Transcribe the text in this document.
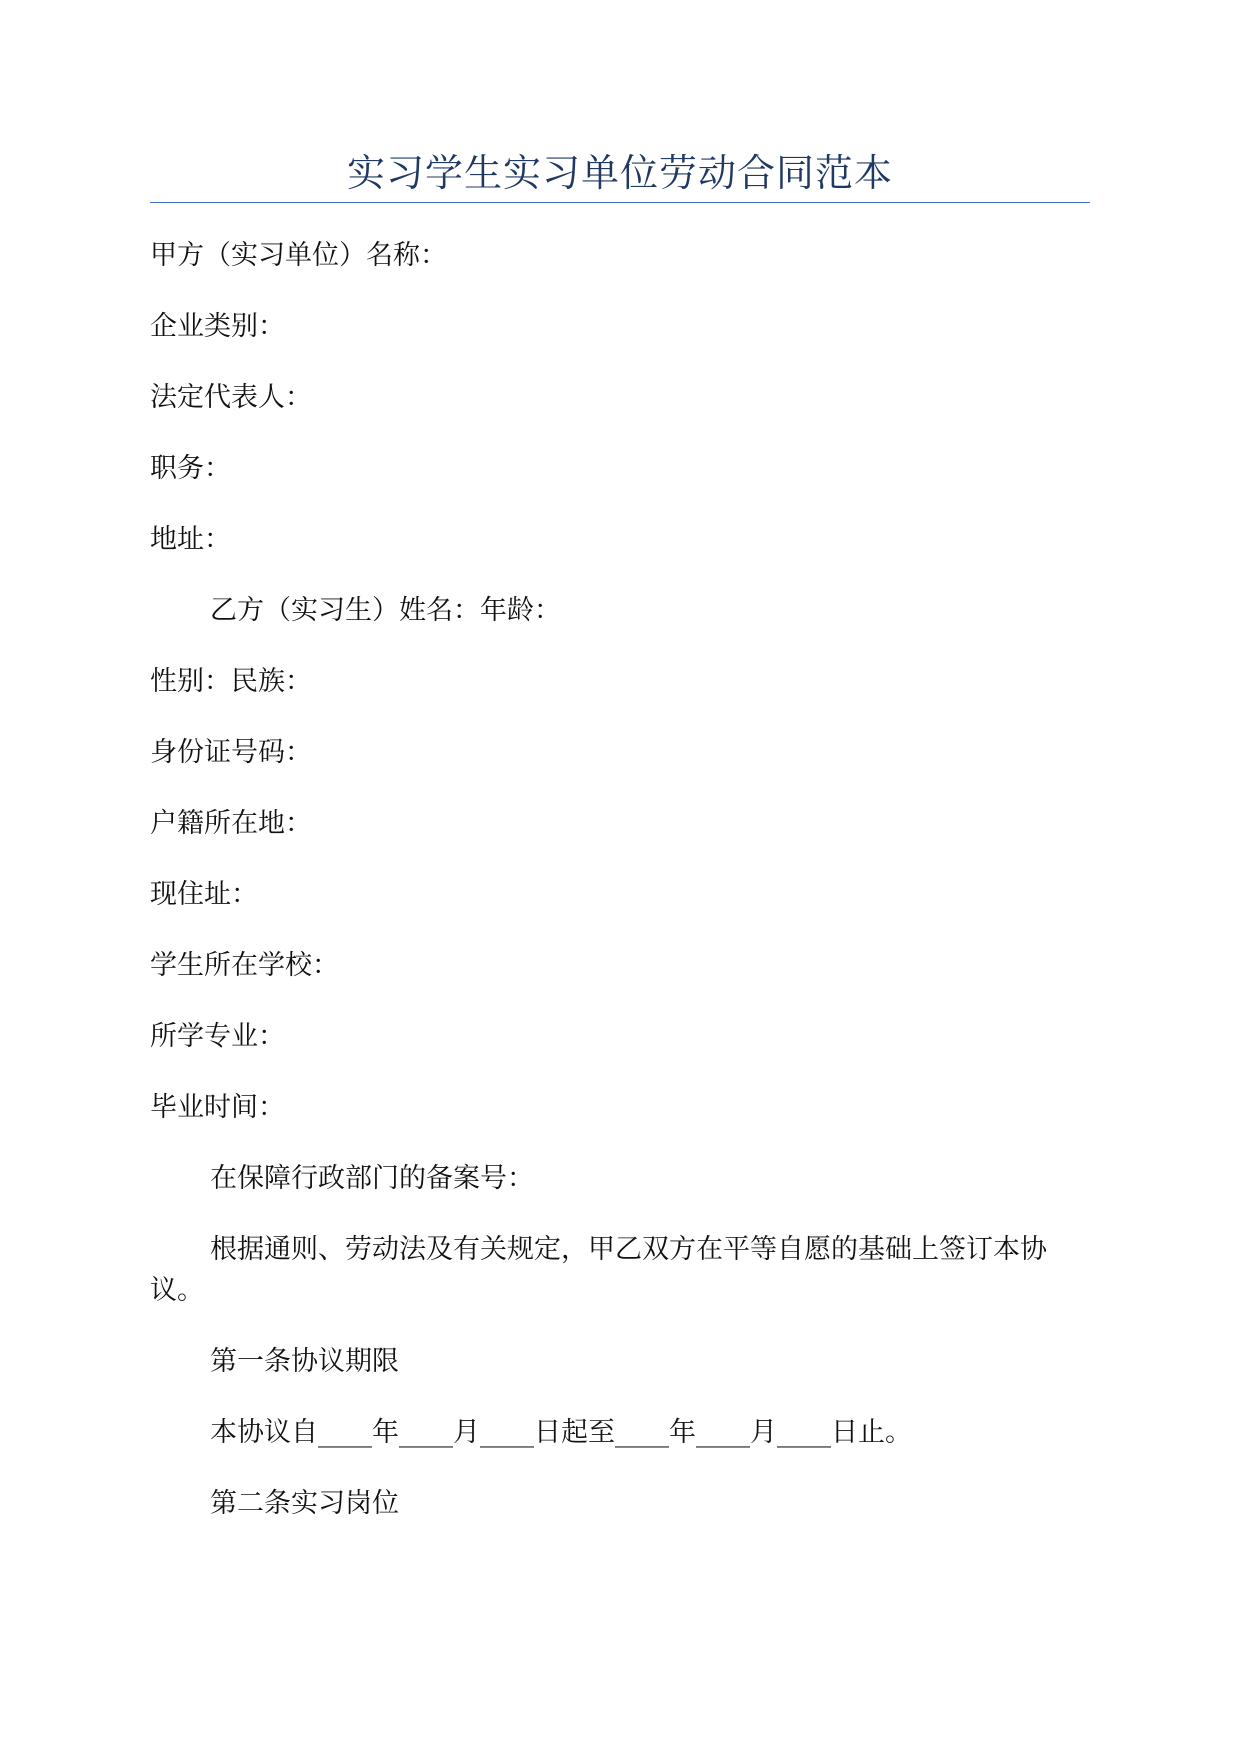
实习学生实习单位劳动合同范本

甲方（实习单位）名称：

企业类别：

法定代表人：

职务：

地址：

乙方（实习生）姓名：年龄：

性别：民族：

身份证号码：

户籍所在地：

现住址：

学生所在学校：

所学专业：

毕业时间：

在保障行政部门的备案号：

根据通则、劳动法及有关规定，甲乙双方在平等自愿的基础上签订本协议。

第一条协议期限

本协议自____年____月____日起至____年____月____日止。

第二条实习岗位
